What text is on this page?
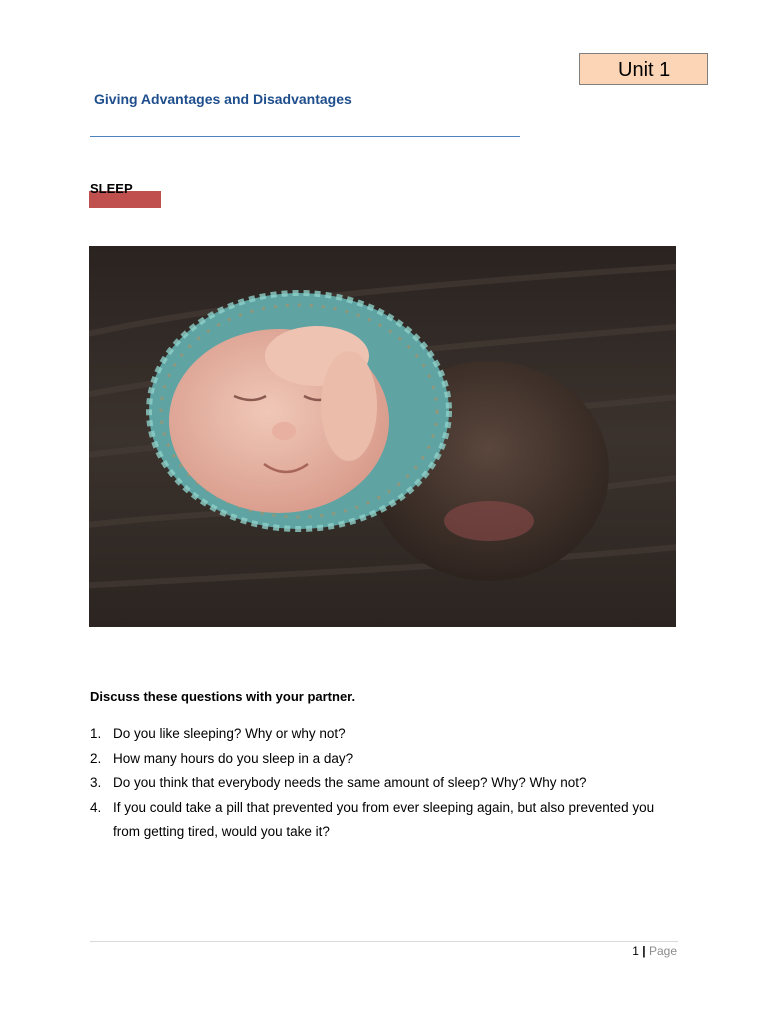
Unit 1
Giving Advantages and Disadvantages
SLEEP
Discuss these questions with your partner.
1. Do you like sleeping? Why or why not?
2. How many hours do you sleep in a day?
3. Do you think that everybody needs the same amount of sleep? Why? Why not?
4. If you could take a pill that prevented you from ever sleeping again, but also prevented you from getting tired, would you take it?
1 | Page
